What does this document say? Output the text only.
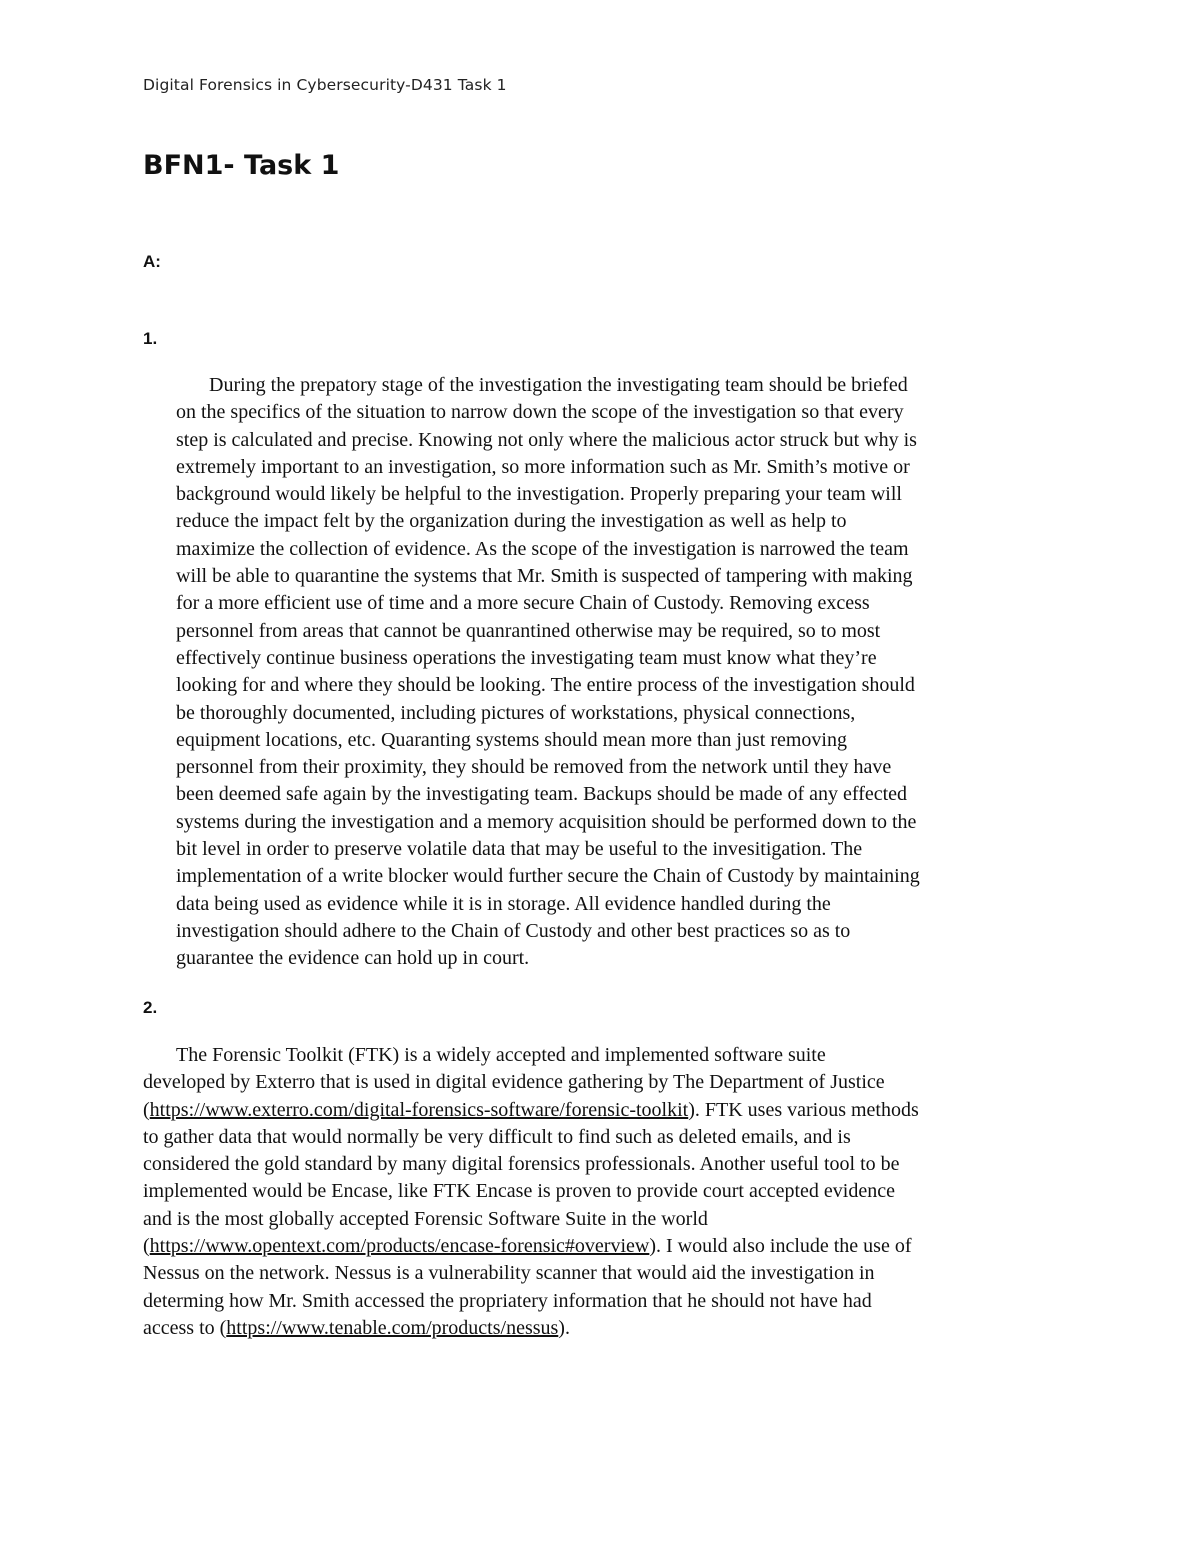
Digital Forensics in Cybersecurity-D431 Task 1
BFN1- Task 1
A:
1.

During the prepatory stage of the investigation the investigating team should be briefed
on the specifics of the situation to narrow down the scope of the investigation so that every
step is calculated and precise. Knowing not only where the malicious actor struck but why is
extremely important to an investigation, so more information such as Mr. Smith’s motive or
background would likely be helpful to the investigation. Properly preparing your team will
reduce the impact felt by the organization during the investigation as well as help to
maximize the collection of evidence. As the scope of the investigation is narrowed the team
will be able to quarantine the systems that Mr. Smith is suspected of tampering with making
for a more efficient use of time and a more secure Chain of Custody. Removing excess
personnel from areas that cannot be quanrantined otherwise may be required, so to most
effectively continue business operations the investigating team must know what they’re
looking for and where they should be looking. The entire process of the investigation should
be thoroughly documented, including pictures of workstations, physical connections,
equipment locations, etc. Quaranting systems should mean more than just removing
personnel from their proximity, they should be removed from the network until they have
been deemed safe again by the investigating team. Backups should be made of any effected
systems during the investigation and a memory acquisition should be performed down to the
bit level in order to preserve volatile data that may be useful to the invesitigation. The
implementation of a write blocker would further secure the Chain of Custody by maintaining
data being used as evidence while it is in storage. All evidence handled during the
investigation should adhere to the Chain of Custody and other best practices so as to
guarantee the evidence can hold up in court.

2.

The Forensic Toolkit (FTK) is a widely accepted and implemented software suite
developed by Exterro that is used in digital evidence gathering by The Department of Justice
(https://www.exterro.com/digital-forensics-software/forensic-toolkit). FTK uses various methods
to gather data that would normally be very difficult to find such as deleted emails, and is
considered the gold standard by many digital forensics professionals. Another useful tool to be
implemented would be Encase, like FTK Encase is proven to provide court accepted evidence
and is the most globally accepted Forensic Software Suite in the world
(https://www.opentext.com/products/encase-forensic#overview). I would also include the use of
Nessus on the network. Nessus is a vulnerability scanner that would aid the investigation in
determing how Mr. Smith accessed the propriatery information that he should not have had
access to (https://www.tenable.com/products/nessus).
